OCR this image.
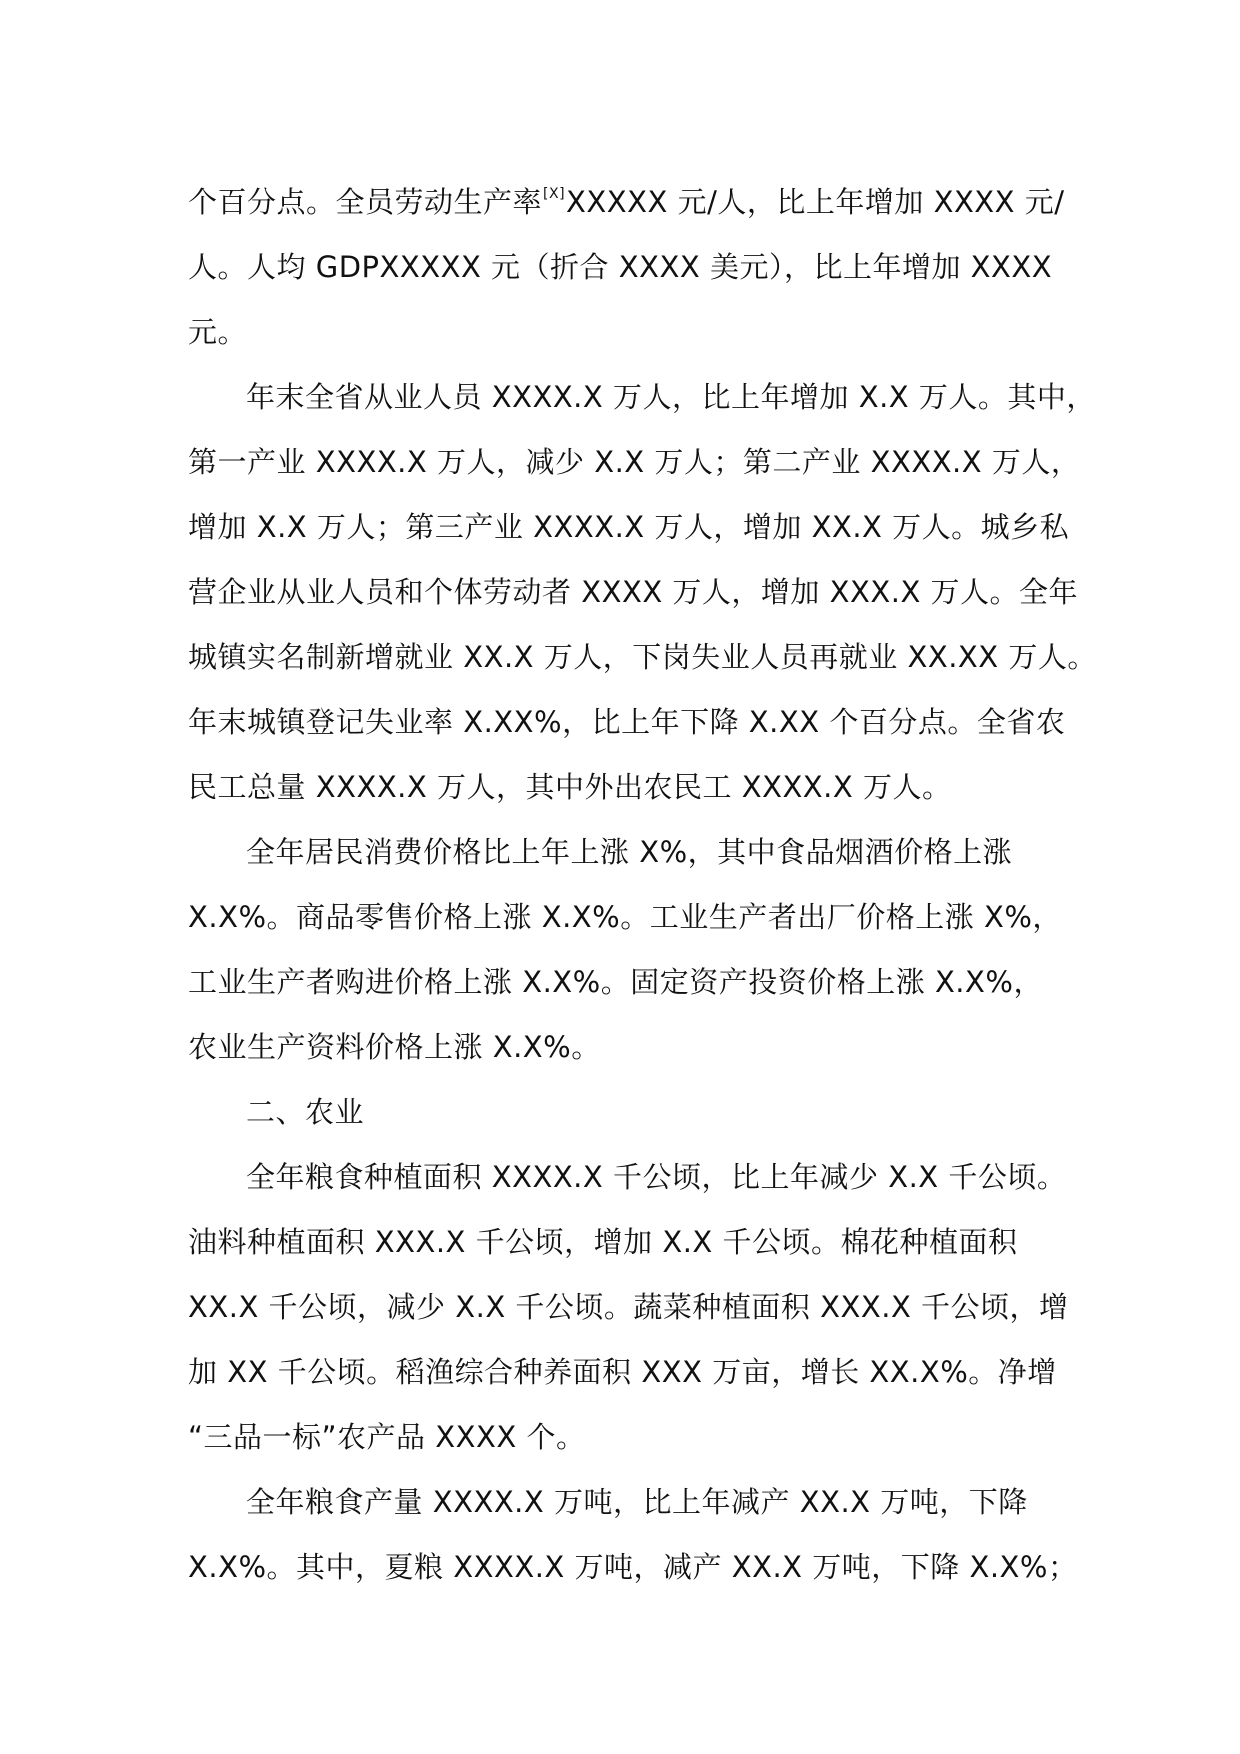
个百分点。全员劳动生产率[X]XXXXX 元/人，比上年增加 XXXX 元/
人。人均 GDPXXXXX 元（折合 XXXX 美元），比上年增加 XXXX
元。
年末全省从业人员 XXXX.X 万人，比上年增加 X.X 万人。其中，
第一产业 XXXX.X 万人，减少 X.X 万人；第二产业 XXXX.X 万人，
增加 X.X 万人；第三产业 XXXX.X 万人，增加 XX.X 万人。城乡私
营企业从业人员和个体劳动者 XXXX 万人，增加 XXX.X 万人。全年
城镇实名制新增就业 XX.X 万人，下岗失业人员再就业 XX.XX 万人。
年末城镇登记失业率 X.XX%，比上年下降 X.XX 个百分点。全省农
民工总量 XXXX.X 万人，其中外出农民工 XXXX.X 万人。
全年居民消费价格比上年上涨 X%，其中食品烟酒价格上涨
X.X%。商品零售价格上涨 X.X%。工业生产者出厂价格上涨 X%，
工业生产者购进价格上涨 X.X%。固定资产投资价格上涨 X.X%，
农业生产资料价格上涨 X.X%。
二、农业
全年粮食种植面积 XXXX.X 千公顷，比上年减少 X.X 千公顷。
油料种植面积 XXX.X 千公顷，增加 X.X 千公顷。棉花种植面积
XX.X 千公顷，减少 X.X 千公顷。蔬菜种植面积 XXX.X 千公顷，增
加 XX 千公顷。稻渔综合种养面积 XXX 万亩，增长 XX.X%。净增
“三品一标”农产品 XXXX 个。
全年粮食产量 XXXX.X 万吨，比上年减产 XX.X 万吨，下降
X.X%。其中，夏粮 XXXX.X 万吨，减产 XX.X 万吨，下降 X.X%；
